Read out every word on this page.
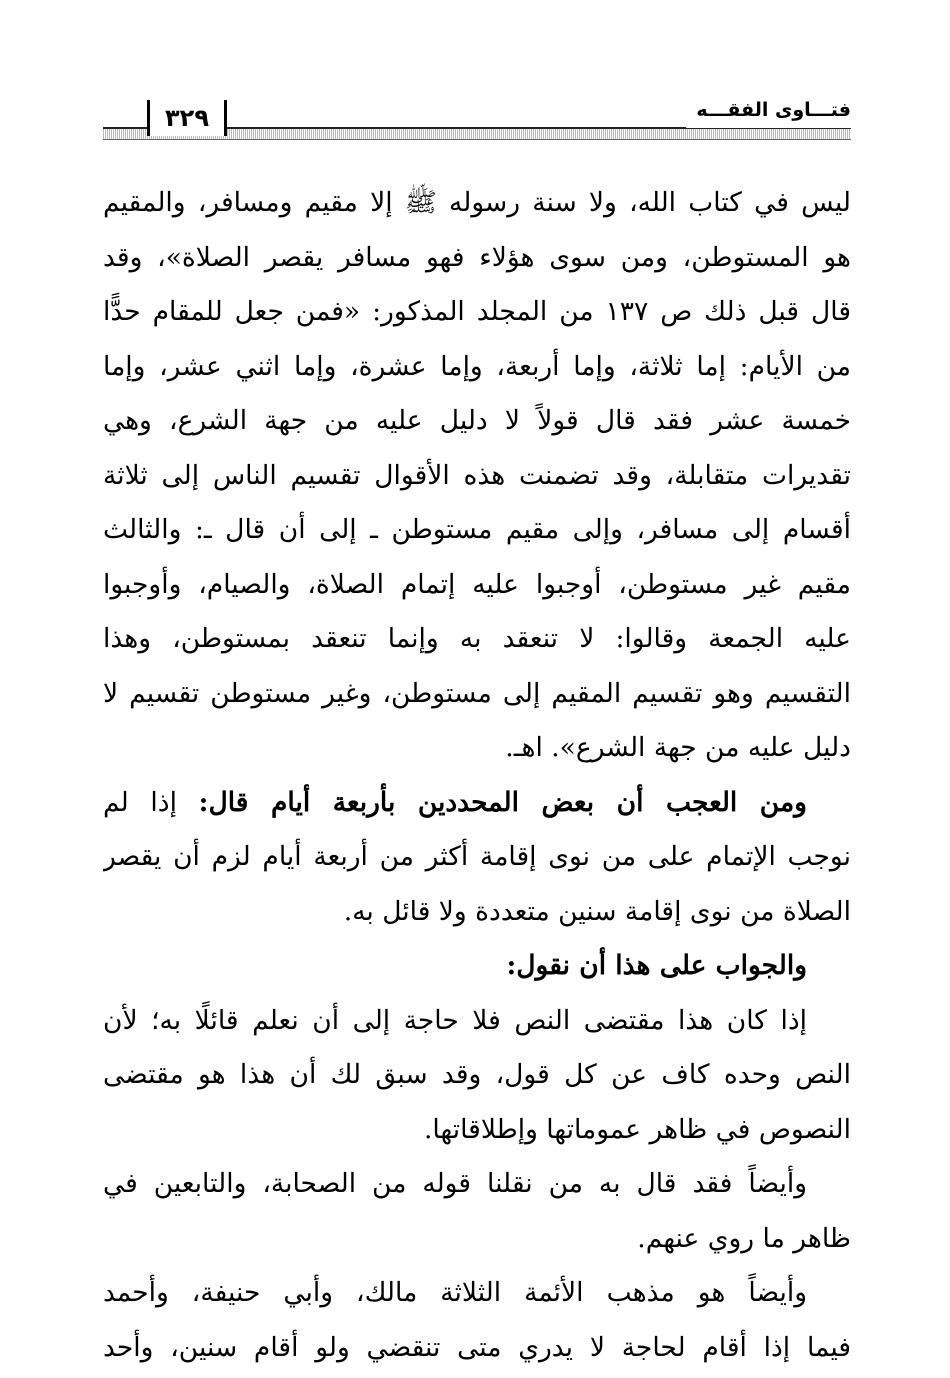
٣٢٩	فتـــاوى الفقـــه

ليس في كتاب الله، ولا سنة رسوله ﷺ إلا مقيم ومسافر، والمقيم
هو المستوطن، ومن سوى هؤلاء فهو مسافر يقصر الصلاة»، وقد
قال قبل ذلك ص ١٣٧ من المجلد المذكور: «فمن جعل للمقام حدًّا
من الأيام: إما ثلاثة، وإما أربعة، وإما عشرة، وإما اثني عشر، وإما
خمسة عشر فقد قال قولاً لا دليل عليه من جهة الشرع، وهي
تقديرات متقابلة، وقد تضمنت هذه الأقوال تقسيم الناس إلى ثلاثة
أقسام إلى مسافر، وإلى مقيم مستوطن ـ إلى أن قال ـ: والثالث
مقيم غير مستوطن، أوجبوا عليه إتمام الصلاة، والصيام، وأوجبوا
عليه الجمعة وقالوا: لا تنعقد به وإنما تنعقد بمستوطن، وهذا
التقسيم وهو تقسيم المقيم إلى مستوطن، وغير مستوطن تقسيم لا
دليل عليه من جهة الشرع». اهـ.

ومن العجب أن بعض المحددين بأربعة أيام قال: إذا لم
نوجب الإتمام على من نوى إقامة أكثر من أربعة أيام لزم أن يقصر
الصلاة من نوى إقامة سنين متعددة ولا قائل به.

والجواب على هذا أن نقول:

إذا كان هذا مقتضى النص فلا حاجة إلى أن نعلم قائلًا به؛ لأن
النص وحده كاف عن كل قول، وقد سبق لك أن هذا هو مقتضى
النصوص في ظاهر عموماتها وإطلاقاتها.

وأيضاً فقد قال به من نقلنا قوله من الصحابة، والتابعين في
ظاهر ما روي عنهم.

وأيضاً هو مذهب الأئمة الثلاثة مالك، وأبي حنيفة، وأحمد
فيما إذا أقام لحاجة لا يدري متى تنقضي ولو أقام سنين، وأحد
